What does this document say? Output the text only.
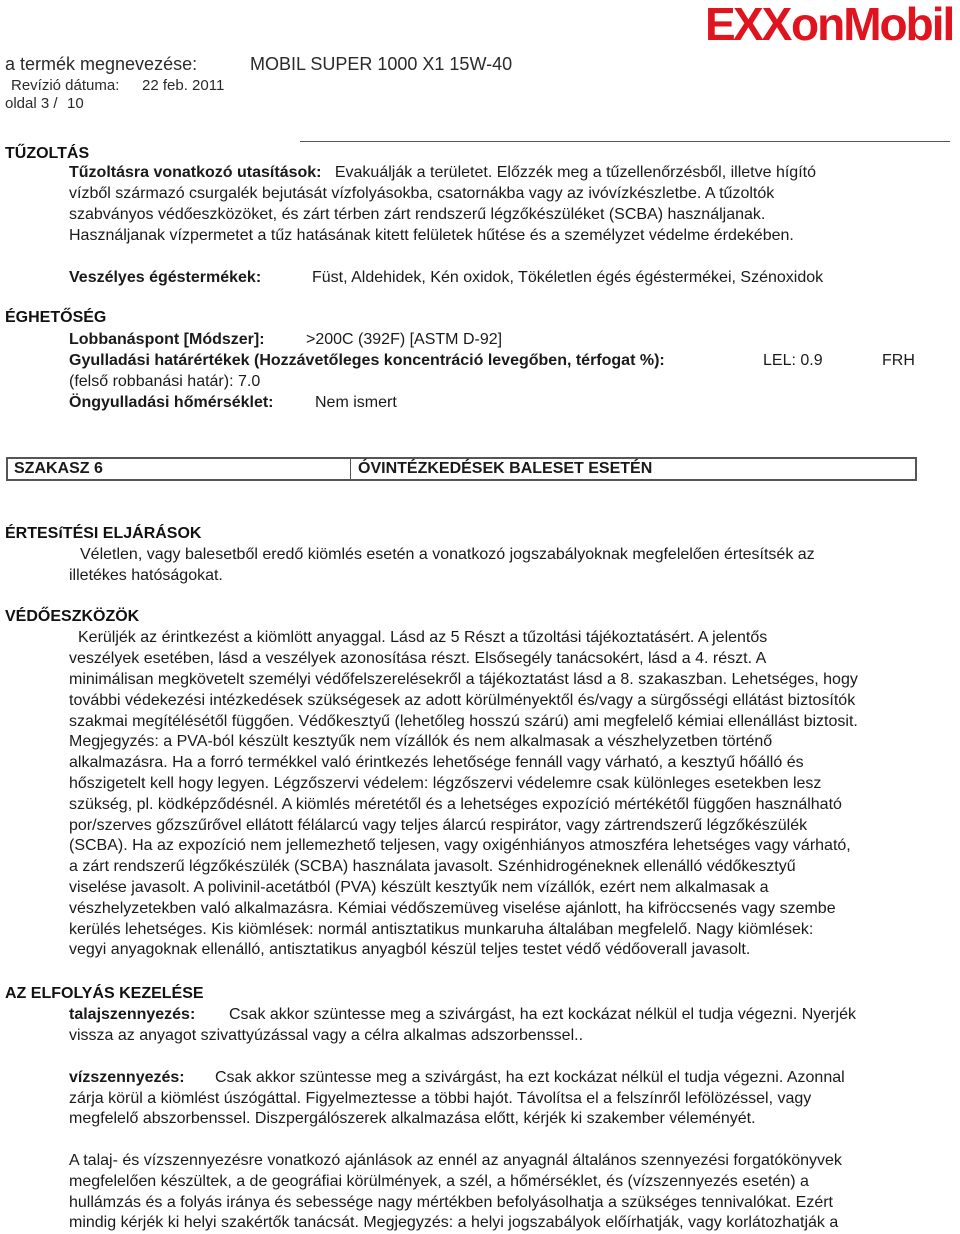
a termék megnevezése:	MOBIL SUPER 1000 X1 15W-40
Revízió dátuma: 22 feb. 2011
oldal 3 / 10
E XX onMobil
TŰZOLTÁS
Tűzoltásra vonatkozó utasítások: Evakuálják a területet. Előzzék meg a tűzellenőrzésből, illetve hígító
vízből származó csurgalék bejutását vízfolyásokba, csatornákba vagy az ivóvízkészletbe. A tűzoltók
szabványos védőeszközöket, és zárt térben zárt rendszerű légzőkészüléket (SCBA) használjanak.
Használjanak vízpermetet a tűz hatásának kitett felületek hűtése és a személyzet védelme érdekében.
Veszélyes égéstermékek:	Füst, Aldehidek, Kén oxidok, Tökéletlen égés égéstermékei, Szénoxidok
ÉGHETŐSÉG
Lobbanáspont [Módszer]:	>200C (392F) [ASTM D-92]
Gyulladási határértékek (Hozzávetőleges koncentráció levegőben, térfogat %):	LEL: 0.9	FRH
(felső robbanási határ): 7.0
Öngyulladási hőmérséklet:	Nem ismert
SZAKASZ 6	ÓVINTÉZKEDÉSEK BALESET ESETÉN
ÉRTESíTÉSI ELJÁRÁSOK
Véletlen, vagy balesetből eredő kiömlés esetén a vonatkozó jogszabályoknak megfelelően értesítsék az
illetékes hatóságokat.
VÉDŐESZKÖZÖK
Kerüljék az érintkezést a kiömlött anyaggal. Lásd az 5 Részt a tűzoltási tájékoztatásért. A jelentős
veszélyek esetében, lásd a veszélyek azonosítása részt. Elsősegély tanácsokért, lásd a 4. részt. A
minimálisan megkövetelt személyi védőfelszerelésekről a tájékoztatást lásd a 8. szakaszban. Lehetséges, hogy
további védekezési intézkedések szükségesek az adott körülményektől és/vagy a sürgősségi ellátást biztosítók
szakmai megítélésétől függően. Védőkesztyű (lehetőleg hosszú szárú) ami megfelelő kémiai ellenállást biztosit.
Megjegyzés: a PVA-ból készült kesztyűk nem vízállók és nem alkalmasak a vészhelyzetben történő
alkalmazásra. Ha a forró termékkel való érintkezés lehetősége fennáll vagy várható, a kesztyű hőálló és
hőszigetelt kell hogy legyen. Légzőszervi védelem: légzőszervi védelemre csak különleges esetekben lesz
szükség, pl. ködképződésnél. A kiömlés méretétől és a lehetséges expozíció mértékétől függően használható
por/szerves gőzszűrővel ellátott félálarcú vagy teljes álarcú respirátor, vagy zártrendszerű légzőkészülék
(SCBA). Ha az expozíció nem jellemezhető teljesen, vagy oxigénhiányos atmoszféra lehetséges vagy várható,
a zárt rendszerű légzőkészülék (SCBA) használata javasolt. Szénhidrogéneknek ellenálló védőkesztyű
viselése javasolt. A polivinil-acetátból (PVA) készült kesztyűk nem vízállók, ezért nem alkalmasak a
vészhelyzetekben való alkalmazásra. Kémiai védőszemüveg viselése ajánlott, ha kifröccsenés vagy szembe
kerülés lehetséges. Kis kiömlések: normál antisztatikus munkaruha általában megfelelő. Nagy kiömlések:
vegyi anyagoknak ellenálló, antisztatikus anyagból készül teljes testet védő védőoverall javasolt.
AZ ELFOLYÁS KEZELÉSE
talajszennyezés: Csak akkor szüntesse meg a szivárgást, ha ezt kockázat nélkül el tudja végezni. Nyerjék
vissza az anyagot szivattyúzással vagy a célra alkalmas adszorbenssel..
vízszennyezés: Csak akkor szüntesse meg a szivárgást, ha ezt kockázat nélkül el tudja végezni. Azonnal
zárja körül a kiömlést úszógáttal. Figyelmeztesse a többi hajót. Távolítsa el a felszínről lefölözéssel, vagy
megfelelő abszorbenssel. Diszpergálószerek alkalmazása előtt, kérjék ki szakember véleményét.
A talaj- és vízszennyezésre vonatkozó ajánlások az ennél az anyagnál általános szennyezési forgatókönyvek
megfelelően készültek, a de geográfiai körülmények, a szél, a hőmérséklet, és (vízszennyezés esetén) a
hullámzás és a folyás iránya és sebessége nagy mértékben befolyásolhatja a szükséges tennivalókat. Ezért
mindig kérjék ki helyi szakértők tanácsát. Megjegyzés: a helyi jogszabályok előírhatják, vagy korlátozhatják a
